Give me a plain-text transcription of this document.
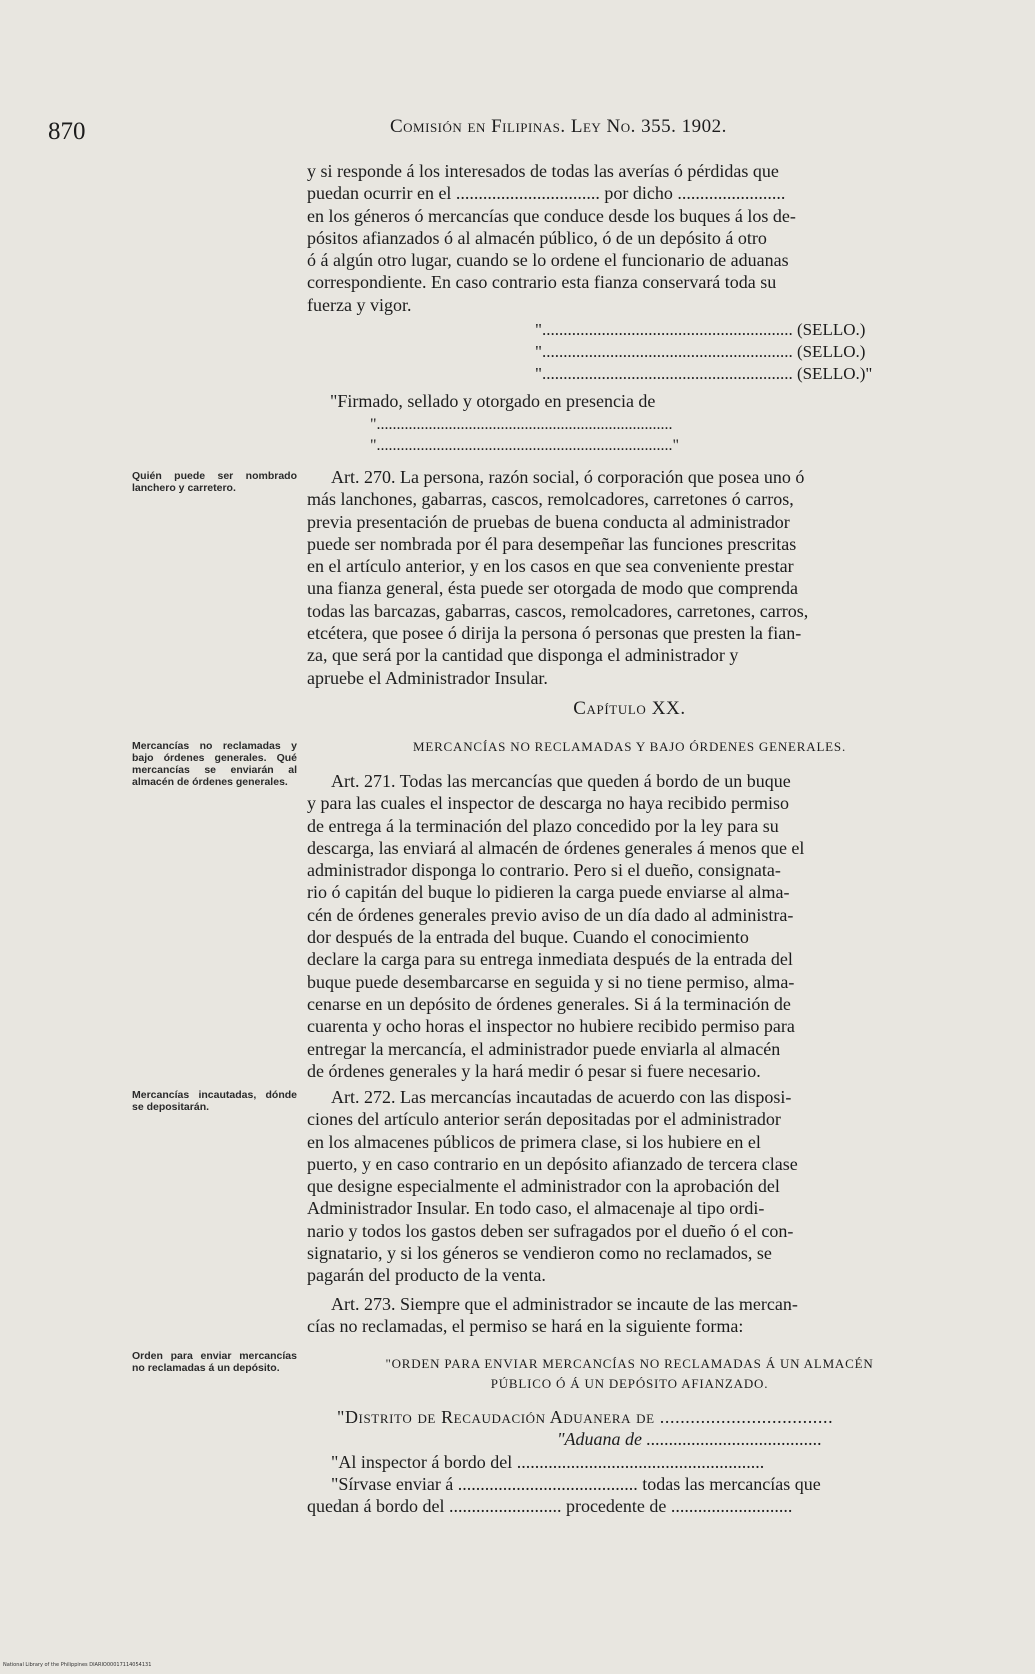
870	Comisión en Filipinas. Ley No. 355. 1902.
y si responde á los interesados de todas las averías ó pérdidas que
puedan ocurrir en el ................................ por dicho ........................
en los géneros ó mercancías que conduce desde los buques á los de-
pósitos afianzados ó al almacén público, ó de un depósito á otro
ó á algún otro lugar, cuando se lo ordene el funcionario de aduanas
correspondiente. En caso contrario esta fianza conservará toda su
fuerza y vigor.
"........................................................... (SELLO.)
"........................................................... (SELLO.)
"........................................................... (SELLO.)"
"Firmado, sellado y otorgado en presencia de
"..........................................................................
".........................................................................."
Quién puede ser nombrado lanchero y carretero.
Mercancías no reclamadas y bajo órdenes generales. Qué mercancías se enviarán al almacén de órdenes generales.
Mercancías incautadas, dónde se depositarán.
Orden para enviar mercancías no reclamadas á un depósito.
Art. 270. La persona, razón social, ó corporación que posea uno ó
más lanchones, gabarras, cascos, remolcadores, carretones ó carros,
previa presentación de pruebas de buena conducta al administrador
puede ser nombrada por él para desempeñar las funciones prescritas
en el artículo anterior, y en los casos en que sea conveniente prestar
una fianza general, ésta puede ser otorgada de modo que comprenda
todas las barcazas, gabarras, cascos, remolcadores, carretones, carros,
etcétera, que posee ó dirija la persona ó personas que presten la fian-
za, que será por la cantidad que disponga el administrador y
apruebe el Administrador Insular.
Capítulo XX.
MERCANCÍAS NO RECLAMADAS Y BAJO ÓRDENES GENERALES.
Art. 271. Todas las mercancías que queden á bordo de un buque
y para las cuales el inspector de descarga no haya recibido permiso
de entrega á la terminación del plazo concedido por la ley para su
descarga, las enviará al almacén de órdenes generales á menos que el
administrador disponga lo contrario. Pero si el dueño, consignata-
rio ó capitán del buque lo pidieren la carga puede enviarse al alma-
cén de órdenes generales previo aviso de un día dado al administra-
dor después de la entrada del buque. Cuando el conocimiento
declare la carga para su entrega inmediata después de la entrada del
buque puede desembarcarse en seguida y si no tiene permiso, alma-
cenarse en un depósito de órdenes generales. Si á la terminación de
cuarenta y ocho horas el inspector no hubiere recibido permiso para
entregar la mercancía, el administrador puede enviarla al almacén
de órdenes generales y la hará medir ó pesar si fuere necesario.
Art. 272. Las mercancías incautadas de acuerdo con las disposi-
ciones del artículo anterior serán depositadas por el administrador
en los almacenes públicos de primera clase, si los hubiere en el
puerto, y en caso contrario en un depósito afianzado de tercera clase
que designe especialmente el administrador con la aprobación del
Administrador Insular. En todo caso, el almacenaje al tipo ordi-
nario y todos los gastos deben ser sufragados por el dueño ó el con-
signatario, y si los géneros se vendieron como no reclamados, se
pagarán del producto de la venta.
Art. 273. Siempre que el administrador se incaute de las mercan-
cías no reclamadas, el permiso se hará en la siguiente forma:
"ORDEN PARA ENVIAR MERCANCÍAS NO RECLAMADAS Á UN ALMACÉN
PÚBLICO Ó Á UN DEPÓSITO AFIANZADO.
"Distrito de Recaudación Aduanera de ..................................
"Aduana de .......................................
"Al inspector á bordo del .......................................................
"Sírvase enviar á ........................................ todas las mercancías que
quedan á bordo del ......................... procedente de ...........................
National Library of the Philippines DIARIO00017114054131
